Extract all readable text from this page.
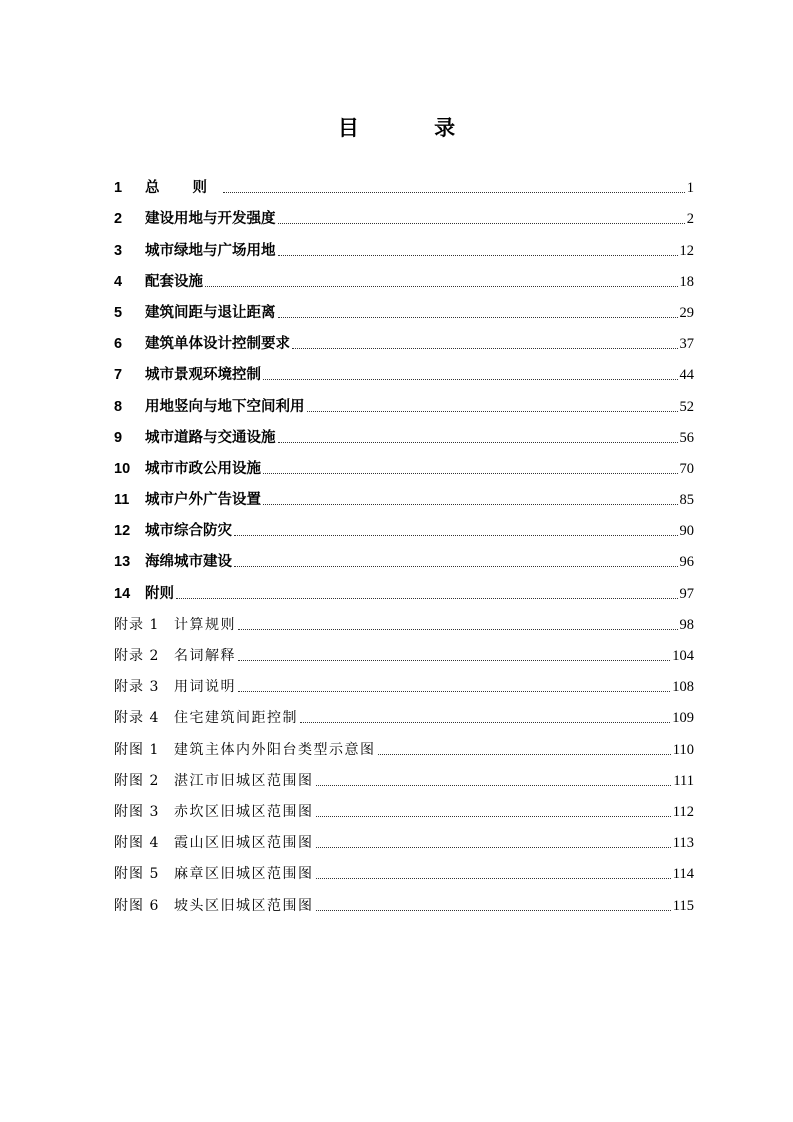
目 录
1	总 则	1
2	建设用地与开发强度	2
3	城市绿地与广场用地	12
4	配套设施	18
5	建筑间距与退让距离	29
6	建筑单体设计控制要求	37
7	城市景观环境控制	44
8	用地竖向与地下空间利用	52
9	城市道路与交通设施	56
10	城市市政公用设施	70
11	城市户外广告设置	85
12	城市综合防灾	90
13	海绵城市建设	96
14	附则	97
附录 1	计算规则	98
附录 2	名词解释	104
附录 3	用词说明	108
附录 4	住宅建筑间距控制	109
附图 1	建筑主体内外阳台类型示意图	110
附图 2	湛江市旧城区范围图	111
附图 3	赤坎区旧城区范围图	112
附图 4	霞山区旧城区范围图	113
附图 5	麻章区旧城区范围图	114
附图 6	坡头区旧城区范围图	115
